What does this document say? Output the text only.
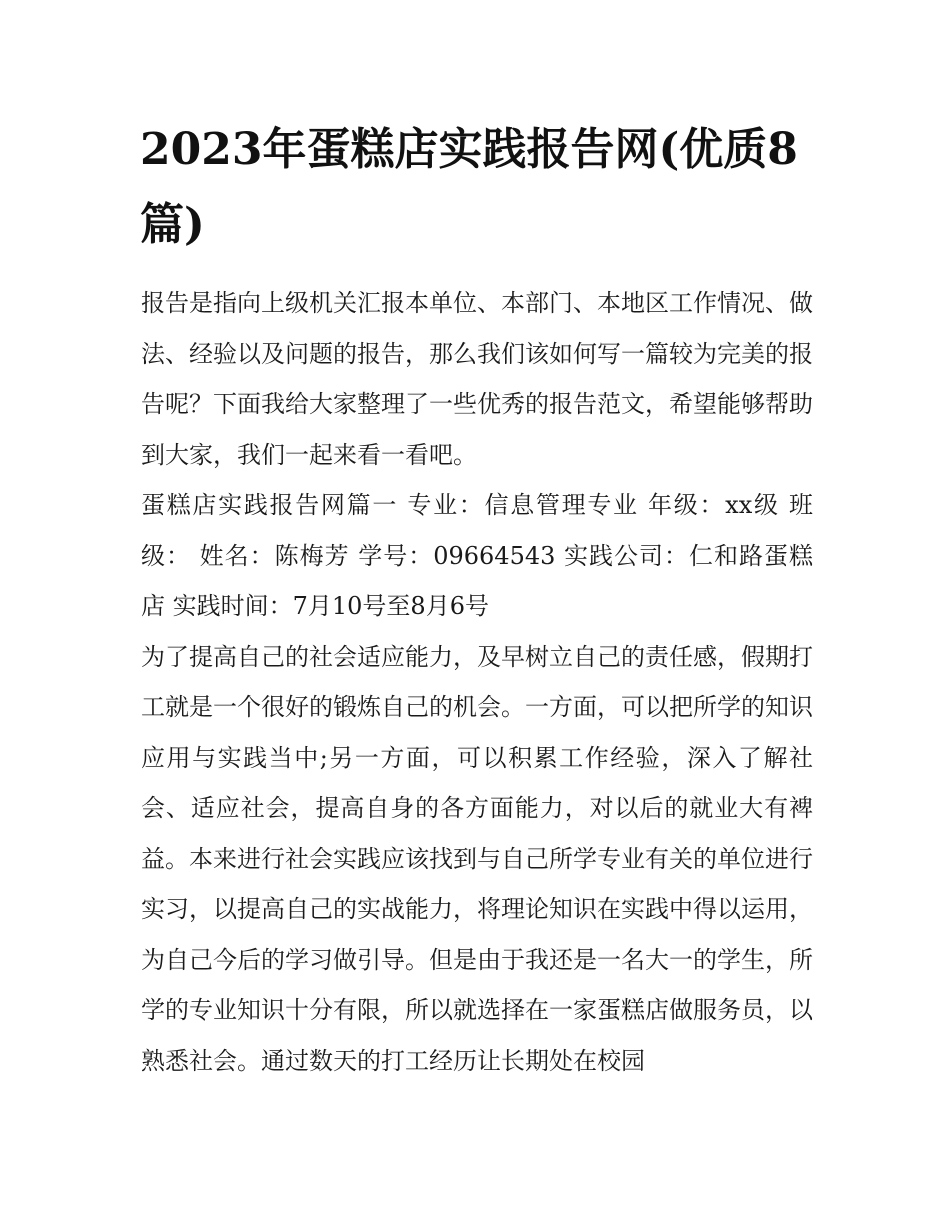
2023年蛋糕店实践报告网(优质8篇)

报告是指向上级机关汇报本单位、本部门、本地区工作情况、做法、经验以及问题的报告，那么我们该如何写一篇较为完美的报告呢？下面我给大家整理了一些优秀的报告范文，希望能够帮助到大家，我们一起来看一看吧。

蛋糕店实践报告网篇一 专业：信息管理专业 年级：xx级 班级： 姓名：陈梅芳 学号：09664543 实践公司：仁和路蛋糕店 实践时间：7月10号至8月6号

为了提高自己的社会适应能力，及早树立自己的责任感，假期打工就是一个很好的锻炼自己的机会。一方面，可以把所学的知识应用与实践当中;另一方面，可以积累工作经验，深入了解社会、适应社会，提高自身的各方面能力，对以后的就业大有裨益。本来进行社会实践应该找到与自己所学专业有关的单位进行实习，以提高自己的实战能力，将理论知识在实践中得以运用，为自己今后的学习做引导。但是由于我还是一名大一的学生，所学的专业知识十分有限，所以就选择在一家蛋糕店做服务员，以熟悉社会。通过数天的打工经历让长期处在校园
